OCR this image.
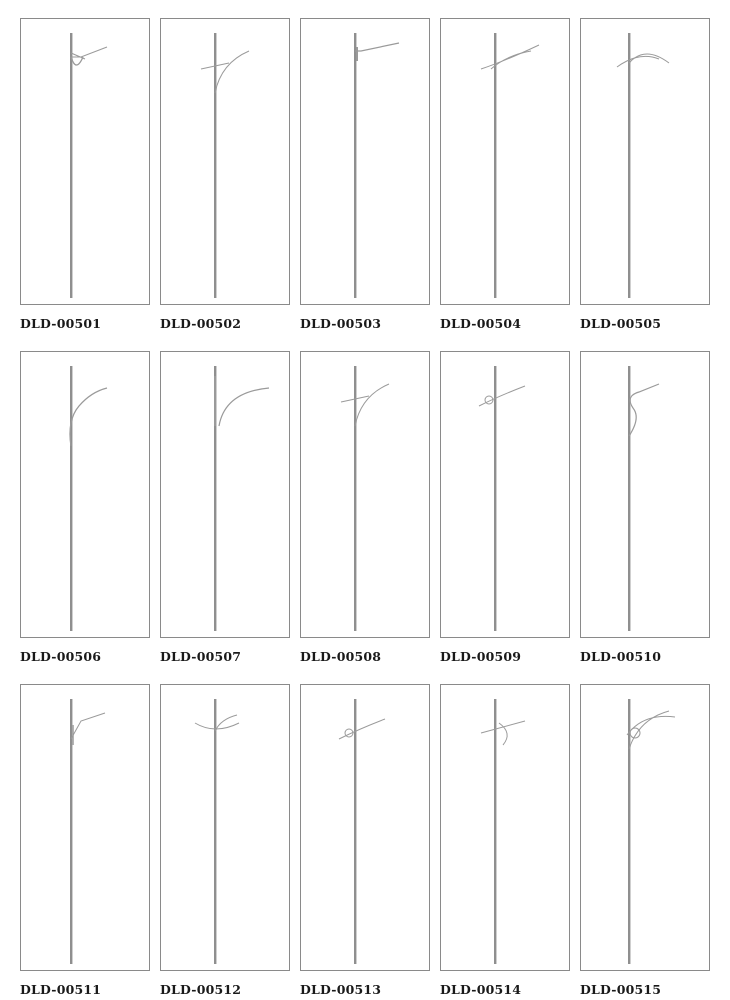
DLD-00501	DLD-00502	DLD-00503	DLD-00504	DLD-00505
DLD-00506	DLD-00507	DLD-00508	DLD-00509	DLD-00510
DLD-00511	DLD-00512	DLD-00513	DLD-00514	DLD-00515
